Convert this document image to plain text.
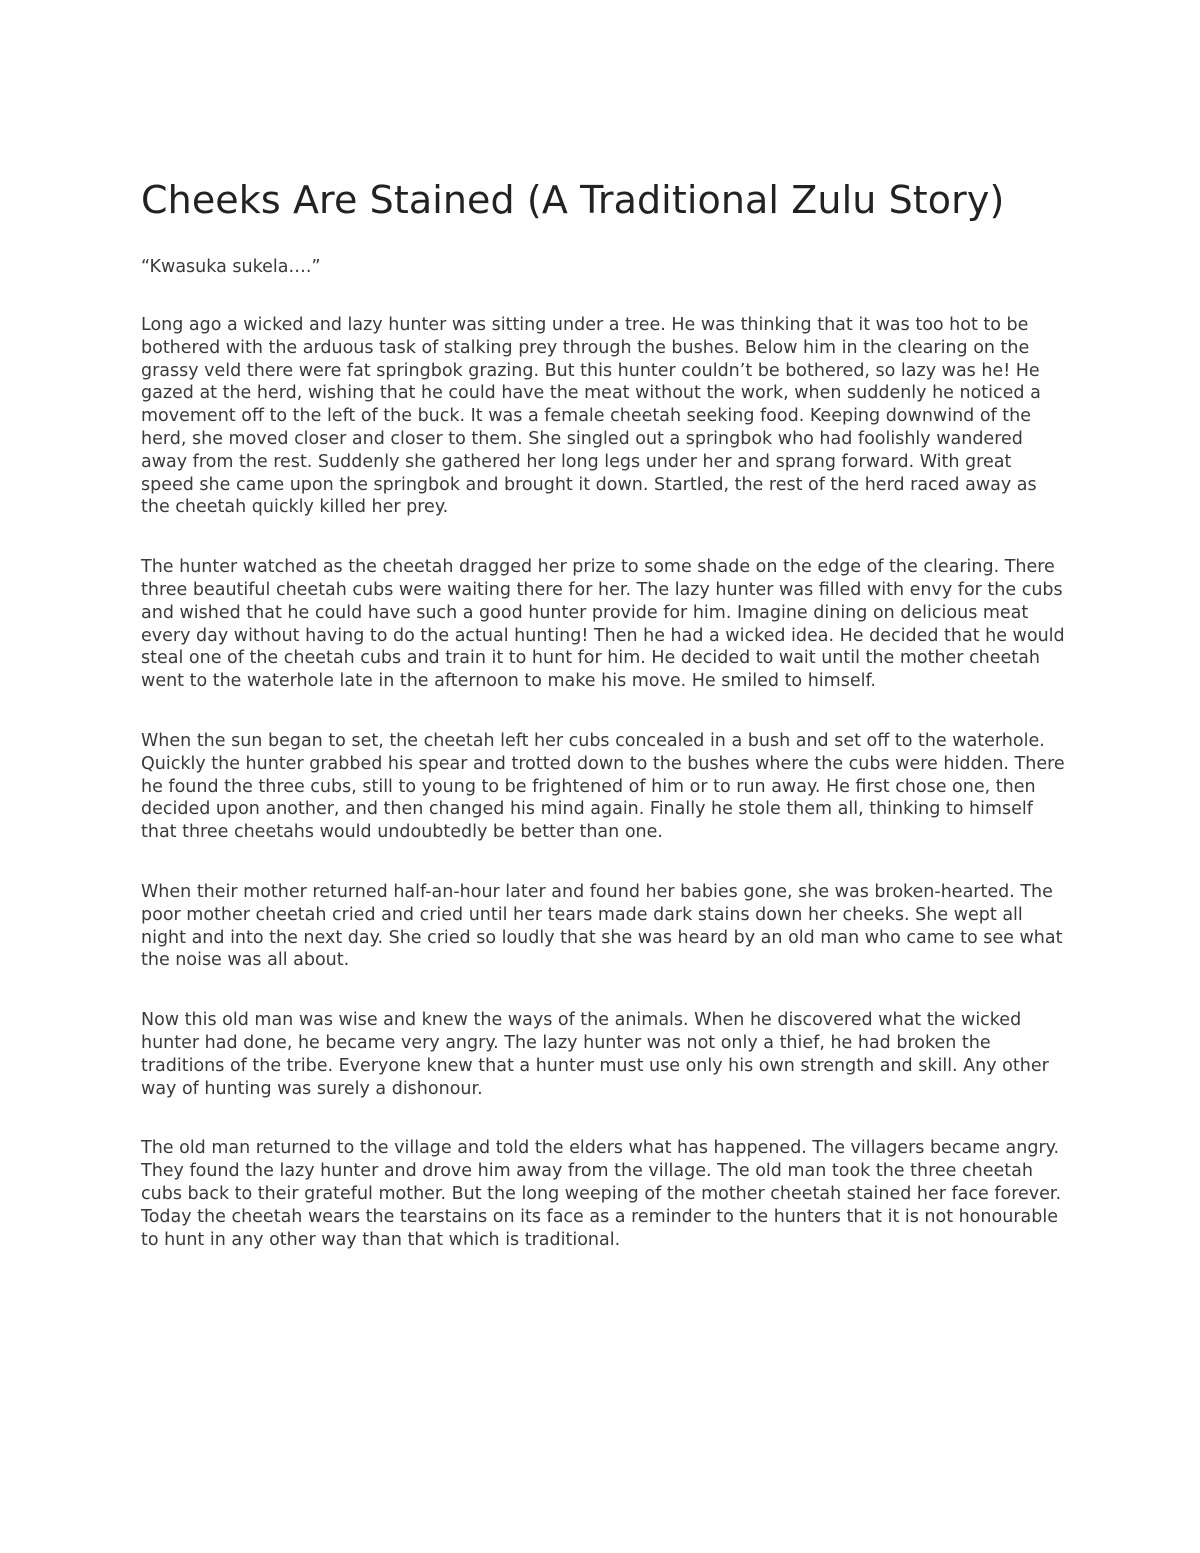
Cheeks Are Stained (A Traditional Zulu Story)

“Kwasuka sukela….”

Long ago a wicked and lazy hunter was sitting under a tree. He was thinking that it was too hot to be bothered with the arduous task of stalking prey through the bushes. Below him in the clearing on the grassy veld there were fat springbok grazing. But this hunter couldn’t be bothered, so lazy was he! He gazed at the herd, wishing that he could have the meat without the work, when suddenly he noticed a movement off to the left of the buck. It was a female cheetah seeking food. Keeping downwind of the herd, she moved closer and closer to them. She singled out a springbok who had foolishly wandered away from the rest. Suddenly she gathered her long legs under her and sprang forward. With great speed she came upon the springbok and brought it down. Startled, the rest of the herd raced away as the cheetah quickly killed her prey.

The hunter watched as the cheetah dragged her prize to some shade on the edge of the clearing. There three beautiful cheetah cubs were waiting there for her. The lazy hunter was filled with envy for the cubs and wished that he could have such a good hunter provide for him. Imagine dining on delicious meat every day without having to do the actual hunting! Then he had a wicked idea. He decided that he would steal one of the cheetah cubs and train it to hunt for him. He decided to wait until the mother cheetah went to the waterhole late in the afternoon to make his move. He smiled to himself.

When the sun began to set, the cheetah left her cubs concealed in a bush and set off to the waterhole. Quickly the hunter grabbed his spear and trotted down to the bushes where the cubs were hidden. There he found the three cubs, still to young to be frightened of him or to run away. He first chose one, then decided upon another, and then changed his mind again. Finally he stole them all, thinking to himself that three cheetahs would undoubtedly be better than one.

When their mother returned half-an-hour later and found her babies gone, she was broken-hearted. The poor mother cheetah cried and cried until her tears made dark stains down her cheeks. She wept all night and into the next day. She cried so loudly that she was heard by an old man who came to see what the noise was all about.

Now this old man was wise and knew the ways of the animals. When he discovered what the wicked hunter had done, he became very angry. The lazy hunter was not only a thief, he had broken the traditions of the tribe. Everyone knew that a hunter must use only his own strength and skill. Any other way of hunting was surely a dishonour.

The old man returned to the village and told the elders what has happened. The villagers became angry. They found the lazy hunter and drove him away from the village. The old man took the three cheetah cubs back to their grateful mother. But the long weeping of the mother cheetah stained her face forever. Today the cheetah wears the tearstains on its face as a reminder to the hunters that it is not honourable to hunt in any other way than that which is traditional.
